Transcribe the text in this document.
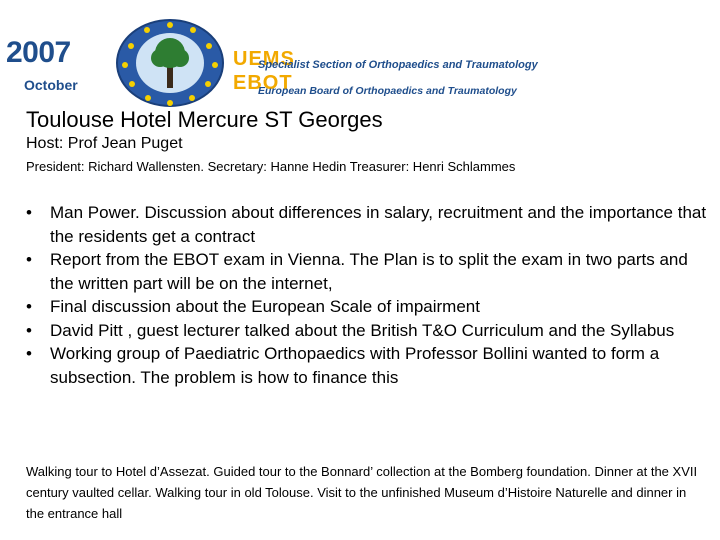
2007
October
UEMS
EBOT
Specialist Section of Orthopaedics and Traumatology
European Board of Orthopaedics and Traumatology
Toulouse Hotel Mercure ST Georges
Host: Prof Jean Puget
President: Richard Wallensten. Secretary: Hanne Hedin Treasurer: Henri Schlammes
• Man Power. Discussion about differences in salary, recruitment and the importance that the residents get a contract
• Report from the EBOT exam in Vienna. The Plan is to split the exam in two parts and the written part will be on the internet,
• Final discussion about the European Scale of impairment
• David Pitt , guest lecturer talked about the British T&O Curriculum and the Syllabus
• Working group of Paediatric Orthopaedics with Professor Bollini wanted to form a subsection. The problem is how to finance this
Walking tour to Hotel d’Assezat. Guided tour to the Bonnard’ collection at the Bomberg foundation. Dinner at the XVII century vaulted cellar. Walking tour in old Tolouse. Visit to the unfinished Museum d’Histoire Naturelle and dinner in the entrance hall
